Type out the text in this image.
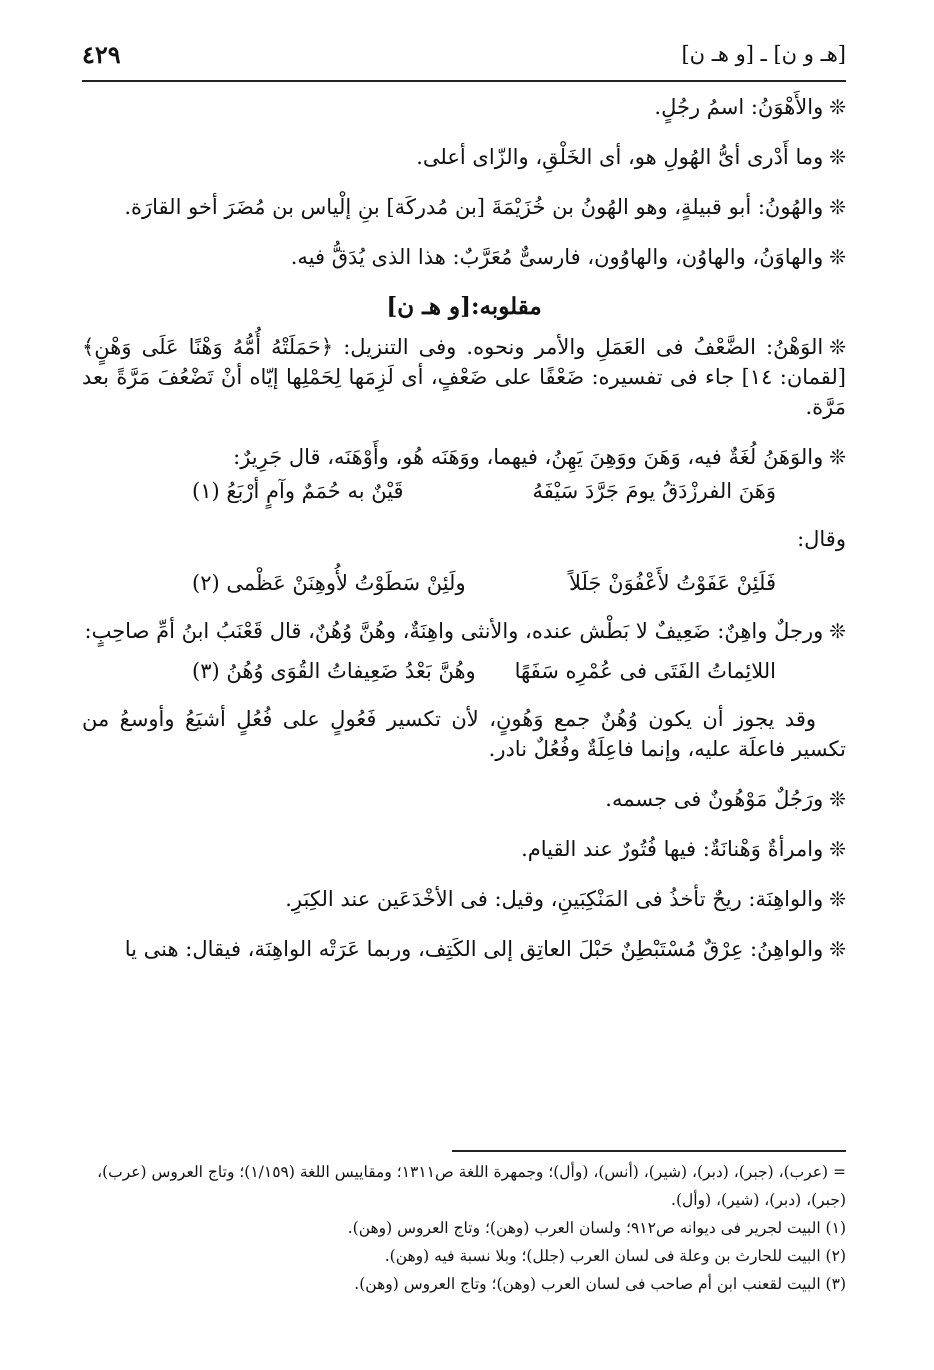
[هـ و ن] ـ [و هـ ن]
٤٢٩

❊والأَهْوَنُ: اسمُ رجُلٍ.

❊وما أَدْرى أىُّ الهُولِ هو، أى الخَلْقِ، والزّاى أعلى.

❊والهُونُ: أبو قبيلةٍ، وهو الهُونُ بن خُزَيْمَةَ [بن مُدركَة] بنِ إلْياس بن مُضَرَ أخو القارَة.

❊والهاوَنُ، والهاوُن، والهاوُون، فارسىٌّ مُعَرَّبٌ: هذا الذى يُدَقُّ فيه.

مقلوبه:[و هـ ن]

❊الوَهْنُ: الضَّعْفُ فى العَمَلِ والأمر ونحوه. وفى التنزيل: ﴿حَمَلَتْهُ أُمُّهُ وَهْنًا عَلَى وَهْنٍ﴾ [لقمان: ١٤] جاء فى تفسيره: ضَعْفًا على ضَعْفٍ، أى لَزِمَها لِحَمْلِها إيّاه أنْ تَضْعُفَ مَرَّةً بعد مَرَّة.

❊والوَهَنُ لُغَةٌ فيه، وَهَنَ ووَهِنَ يَهِنُ، فيهما، ووَهَنَه هُو، وأَوْهَنَه، قال جَرِيرٌ:

وَهَنَ الفرزْدَقُ يومَ جَرَّدَ سَيْفَهُ
قَيْنٌ به حُمَمٌ وآمٍ أرْبَعُ (١)

وقال:

فَلَئِنْ عَفَوْتُ لأَعْفُوَنْ جَلَلاً
ولَئِنْ سَطَوْتُ لأُوهِنَنْ عَظْمى (٢)

❊ورجلٌ واهِنٌ: ضَعِيفٌ لا بَطْش عنده، والأنثى واهِنَةٌ، وهُنَّ وُهُنٌ، قال قَعْنَبُ ابنُ أمِّ صاحِبٍ:

اللائِماتُ الفَتَى فى عُمْرِه سَفَهًا
وهُنَّ بَعْدُ ضَعِيفاتُ القُوَى وُهُنُ (٣)

وقد يجوز أن يكون وُهُنٌ جمع وَهُونٍ، لأن تكسير فَعُولٍ على فُعُلٍ أشيَعُ وأوسعُ من تكسير فاعلَة عليه، وإنما فاعِلَةٌ وفُعُلٌ نادر.

❊ورَجُلٌ مَوْهُونٌ فى جسمه.

❊وامرأةٌ وَهْنانَةٌ: فيها فُتُورٌ عند القيام.

❊والواهِنَة: ريحٌ تأخذُ فى المَنْكِبَينِ، وقيل: فى الأخْدَعَين عند الكِبَرِ.

❊والواهِنُ: عِرْقٌ مُسْتَبْطِنٌ حَبْلَ العاتِق إلى الكَتِف، وربما عَرَتْه الواهِنَة، فيقال: هنى يا

= (عرب)، (جبر)، (دبر)، (شير)، (أنس)، (وأل)؛ وجمهرة اللغة ص١٣١١؛ ومقاييس اللغة (١/١٥٩)؛ وتاج العروس (عرب)، (جبر)، (دبر)، (شير)، (وأل).
(١) البيت لجرير فى ديوانه ص٩١٢؛ ولسان العرب (وهن)؛ وتاج العروس (وهن).
(٢) البيت للحارث بن وعلة فى لسان العرب (جلل)؛ وبلا نسبة فيه (وهن).
(٣) البيت لقعنب ابن أم صاحب فى لسان العرب (وهن)؛ وتاج العروس (وهن).
